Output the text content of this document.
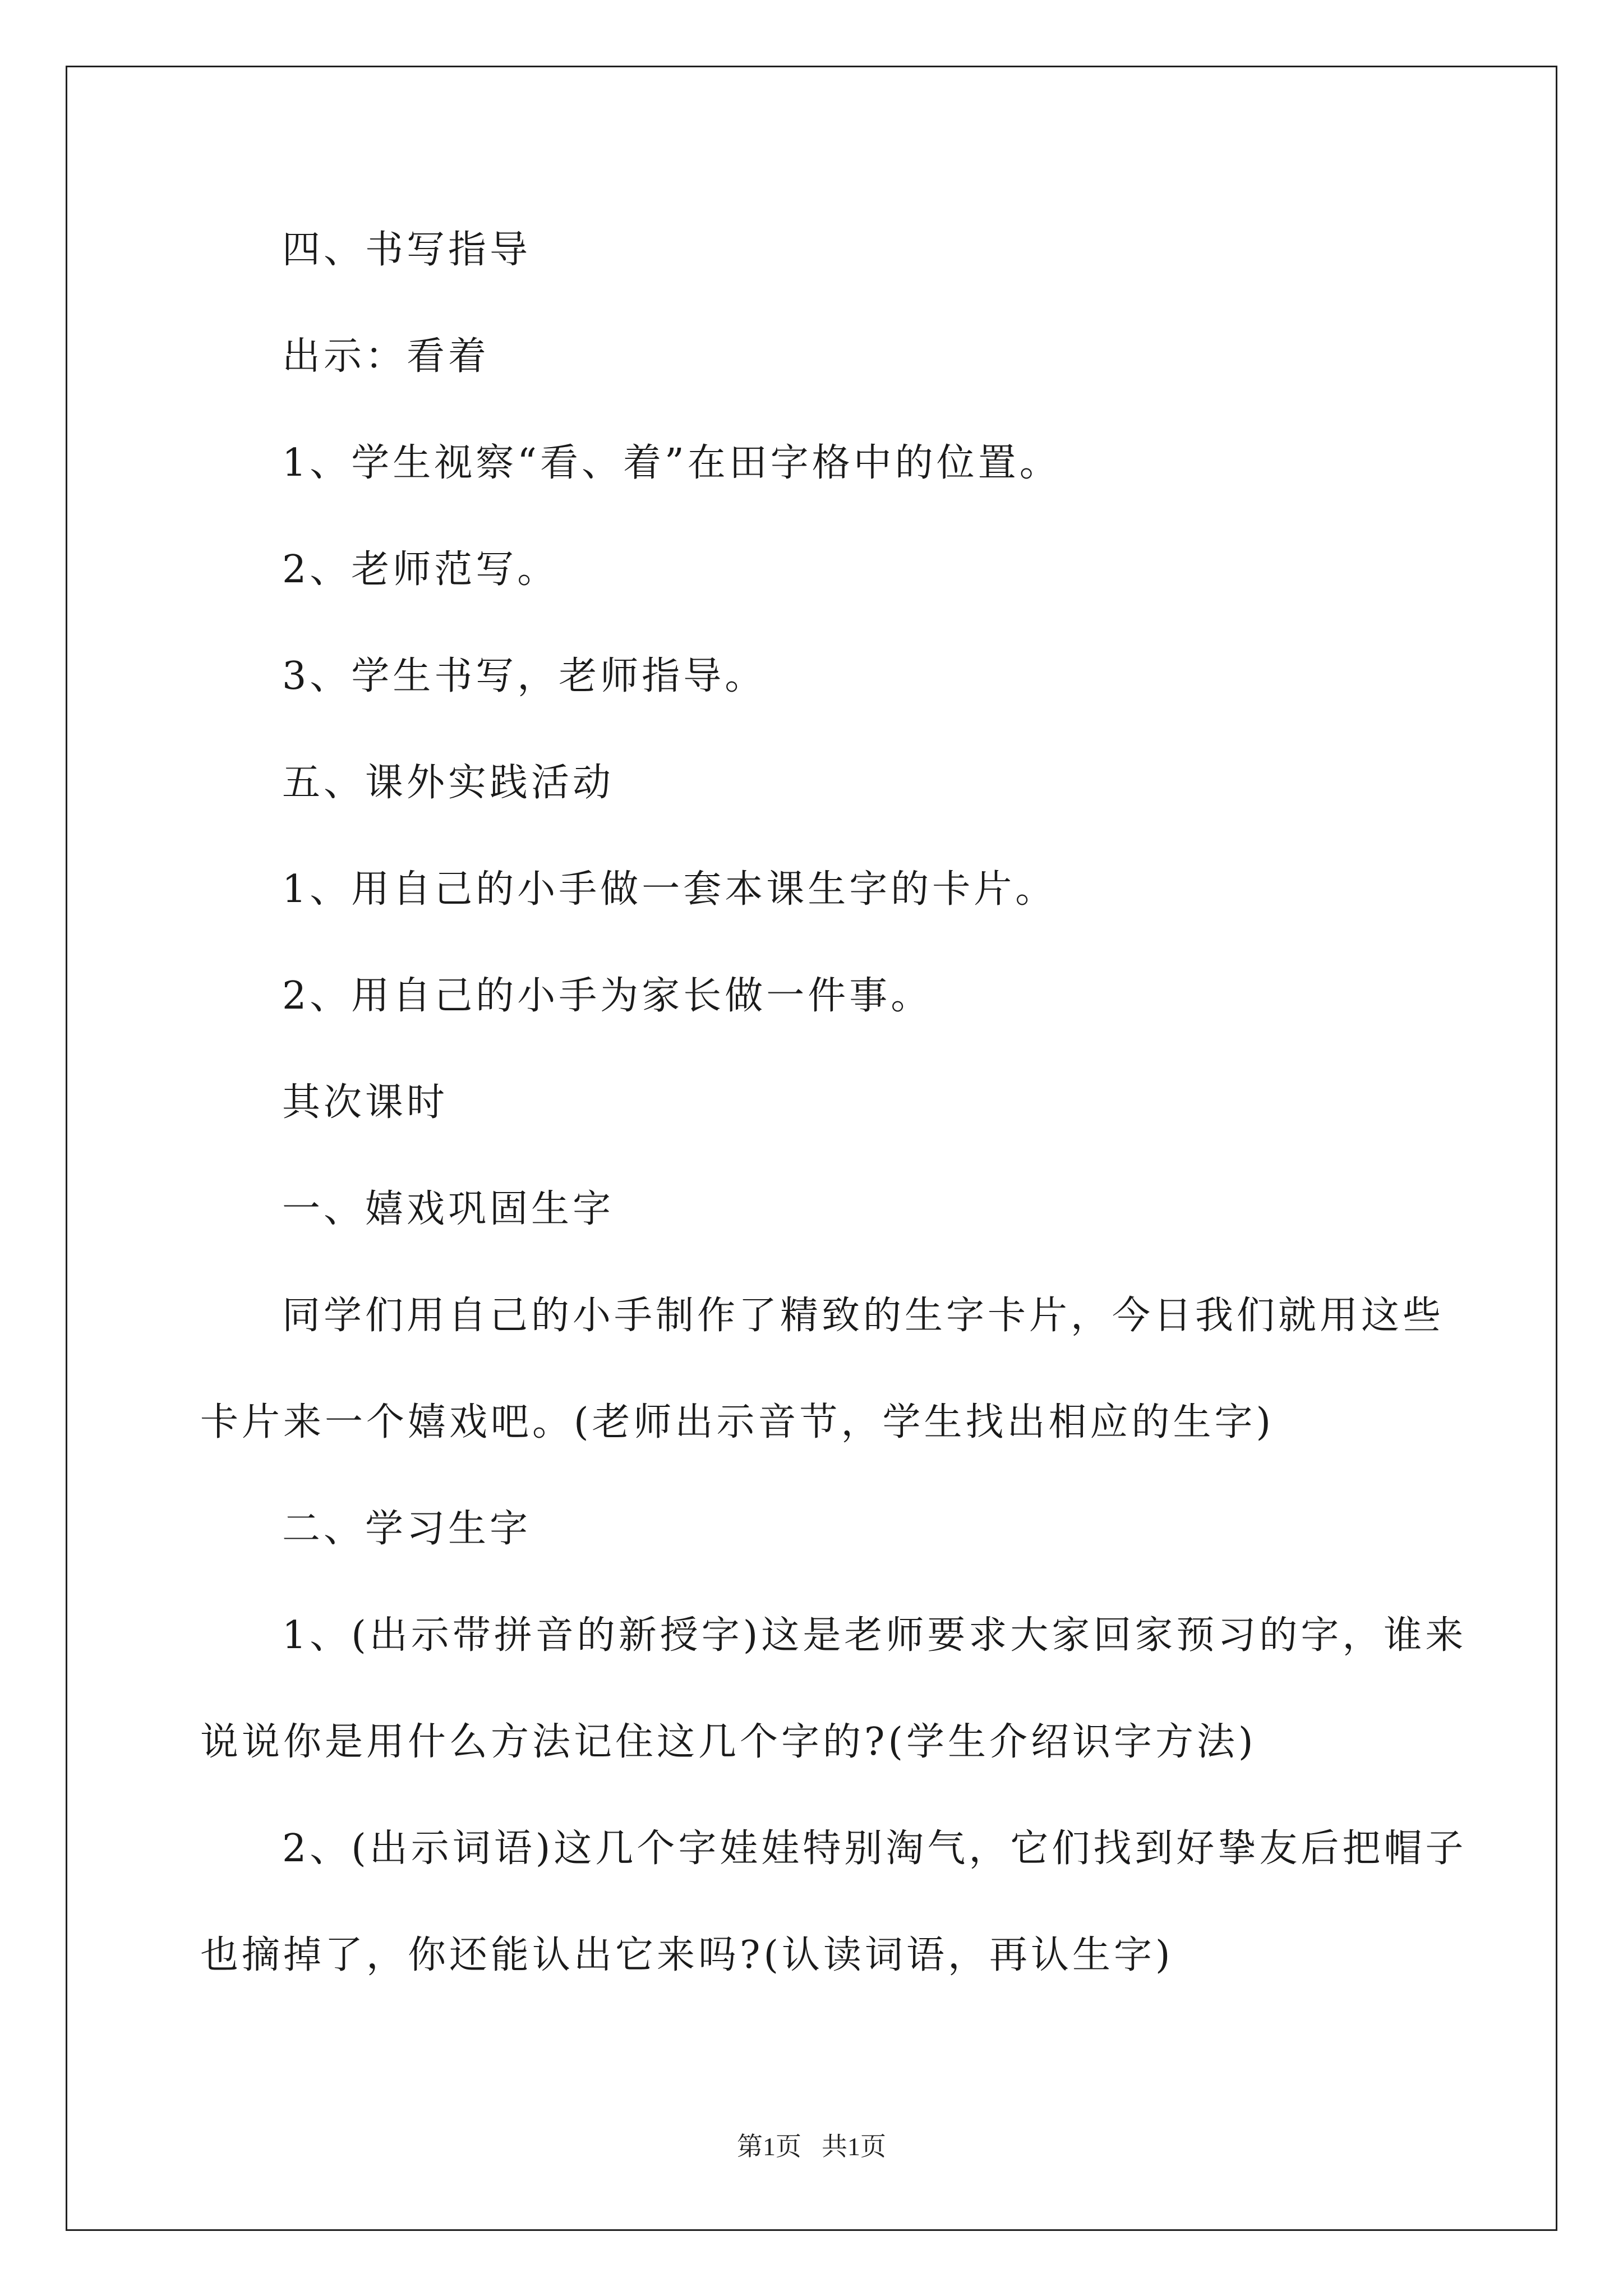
四、书写指导
出示：看着
1、学生视察“看、着”在田字格中的位置。
2、老师范写。
3、学生书写，老师指导。
五、课外实践活动
1、用自己的小手做一套本课生字的卡片。
2、用自己的小手为家长做一件事。
其次课时
一、嬉戏巩固生字
同学们用自己的小手制作了精致的生字卡片，今日我们就用这些
卡片来一个嬉戏吧。(老师出示音节，学生找出相应的生字)
二、学习生字
1、(出示带拼音的新授字)这是老师要求大家回家预习的字，谁来
说说你是用什么方法记住这几个字的?(学生介绍识字方法)
2、(出示词语)这几个字娃娃特别淘气，它们找到好挚友后把帽子
也摘掉了，你还能认出它来吗?(认读词语，再认生字)
第1页 共1页
